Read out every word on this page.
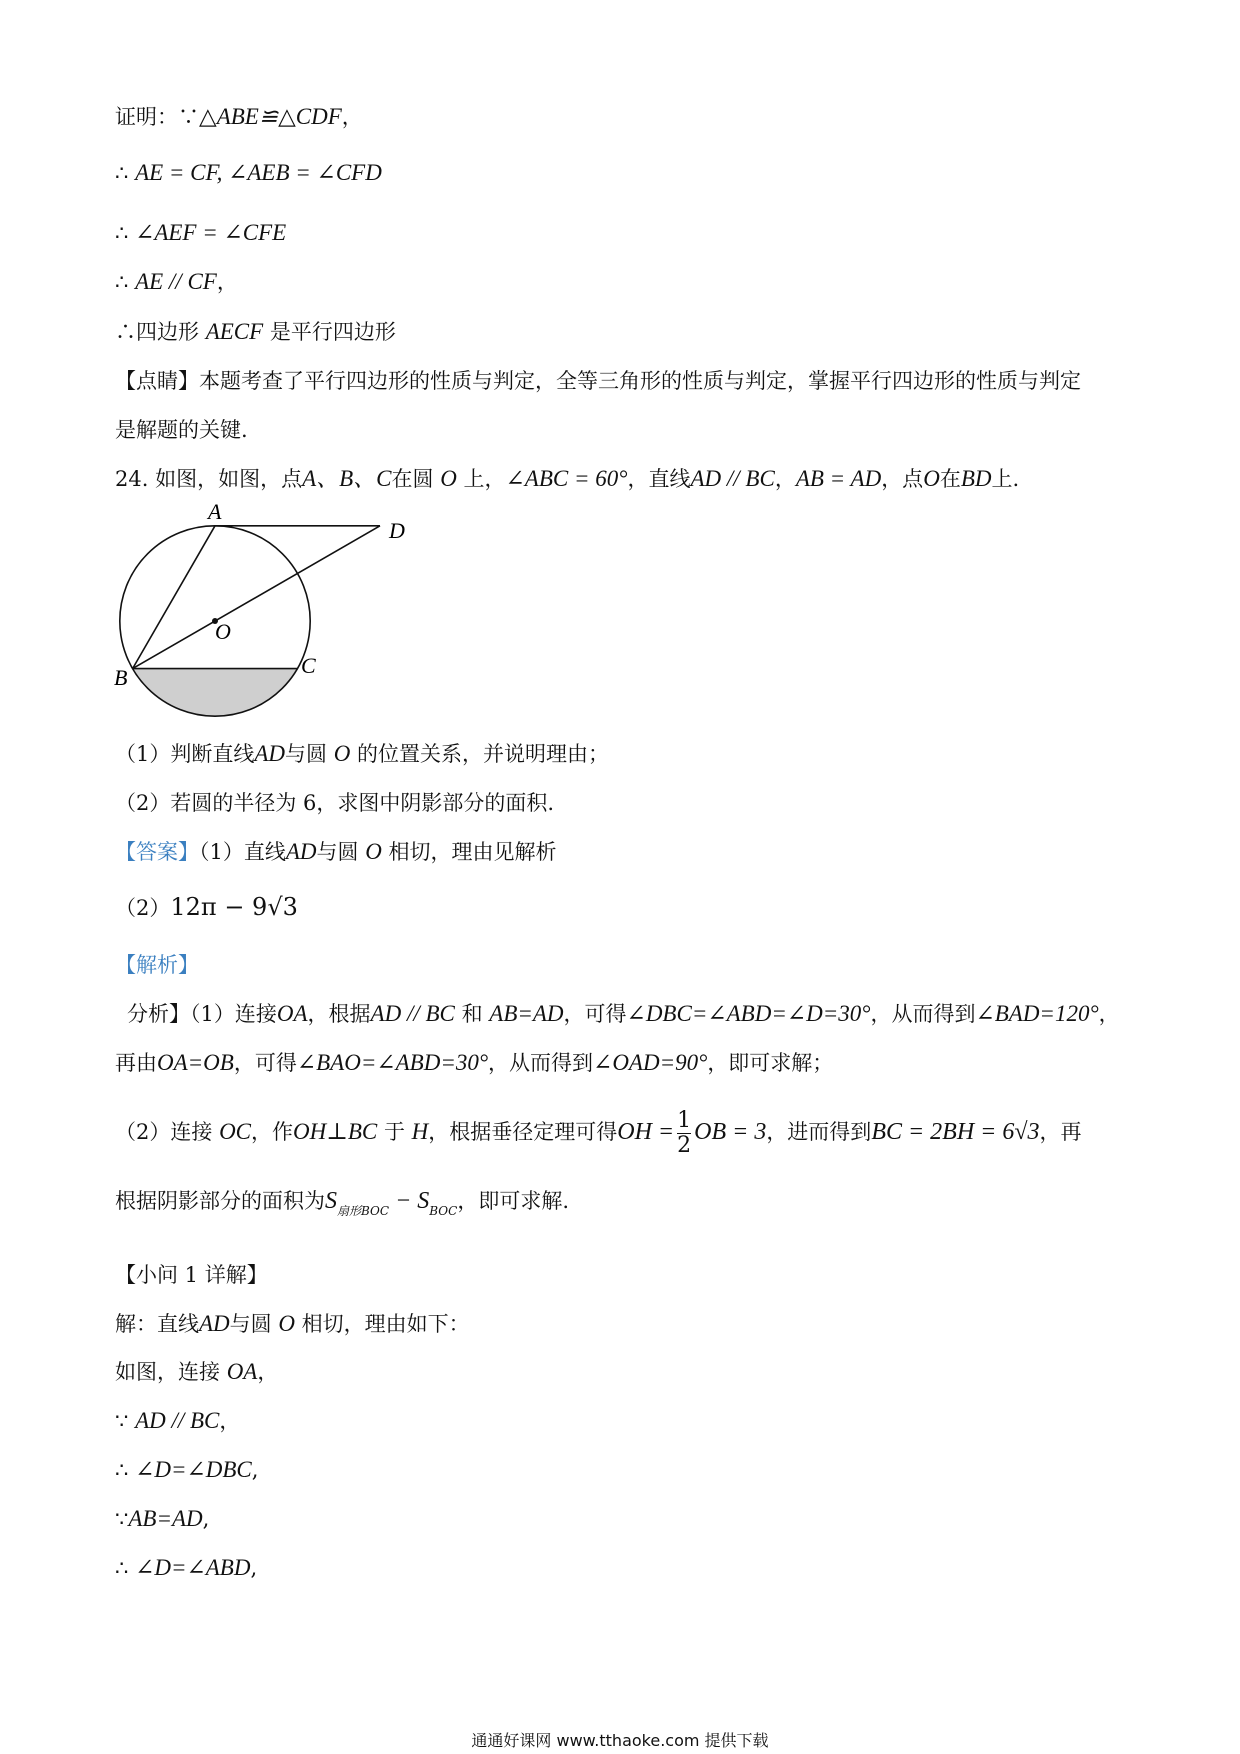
证明：∵△ABE≌△CDF，
∴ AE = CF, ∠AEB = ∠CFD
∴ ∠AEF = ∠CFE
∴ AE // CF，
∴四边形 AECF 是平行四边形
【点睛】本题考查了平行四边形的性质与判定，全等三角形的性质与判定，掌握平行四边形的性质与判定
是解题的关键.
24. 如图，如图，点A、B、C在圆 O 上，∠ABC = 60°，直线AD // BC，AB = AD，点O在BD上.
A
B	C
D
O
（1）判断直线AD与圆 O 的位置关系，并说明理由；
（2）若圆的半径为 6，求图中阴影部分的面积.
【答案】（1）直线AD与圆 O 相切，理由见解析
（2）12π − 9√3
【解析】
分析】（1）连接OA，根据AD // BC 和 AB=AD，可得∠DBC=∠ABD=∠D=30°，从而得到∠BAD=120°，
再由OA=OB，可得∠BAO=∠ABD=30°，从而得到∠OAD=90°，即可求解；
（2）连接 OC，作OH⊥BC 于 H，根据垂径定理可得OH = $\frac{1}{2}$ OB = 3，进而得到BC = 2BH = 6√3，再
根据阴影部分的面积为$S_{扇形BOC} - S_{BOC}$，即可求解.
【小问 1 详解】
解：直线AD与圆 O 相切，理由如下：
如图，连接 OA，
∵ AD // BC，
∴ ∠D=∠DBC,
∵AB=AD,
∴ ∠D=∠ABD,
通通好课网 www.tthaoke.com 提供下载
